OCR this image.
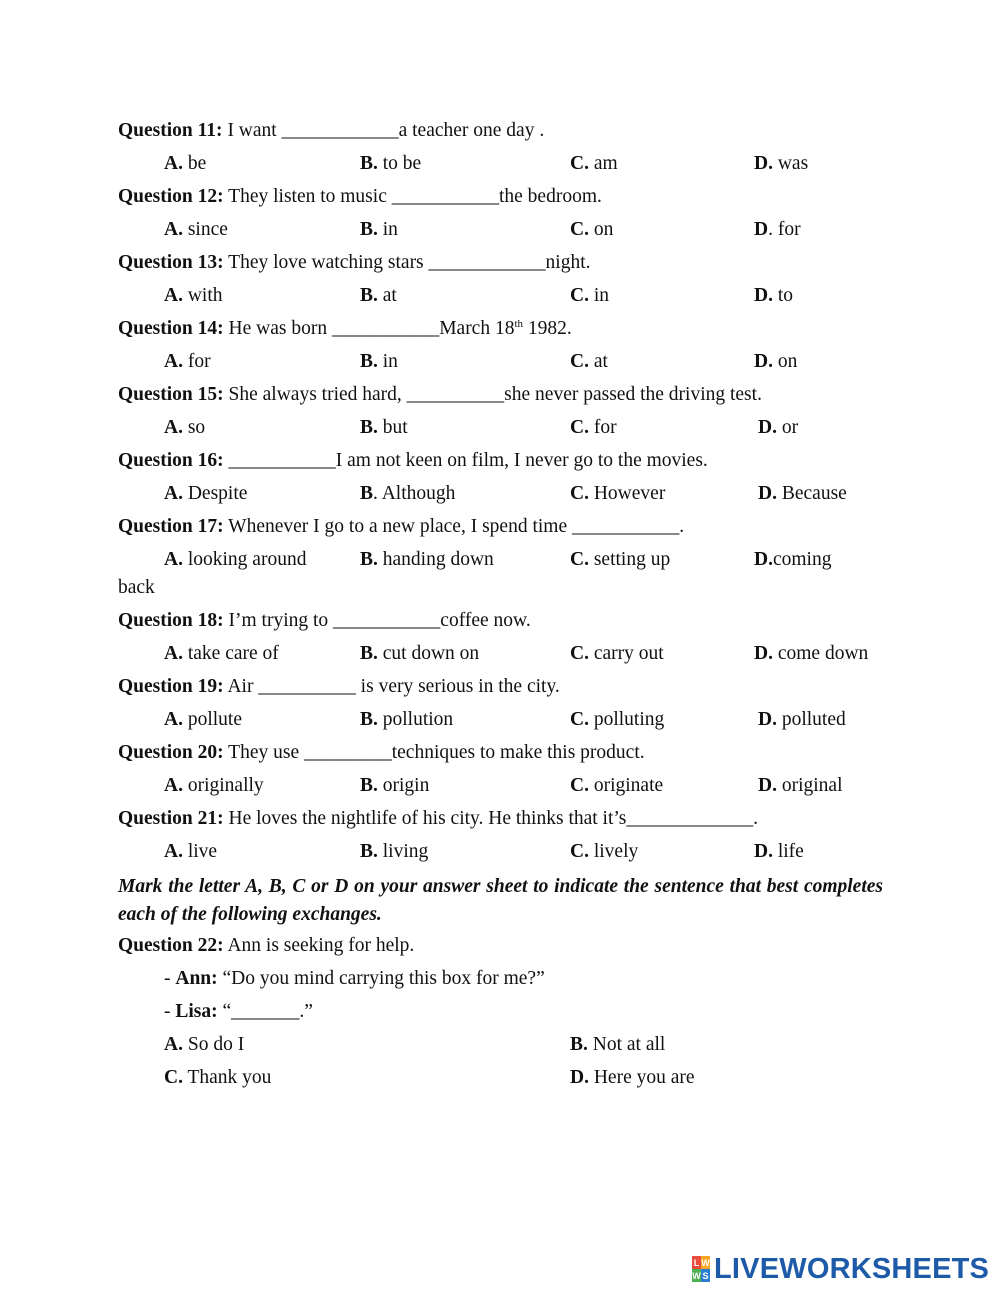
Question 11: I want ____________a teacher one day .
A. be	B. to be	C. am	D. was
Question 12: They listen to music ___________the bedroom.
A. since	B. in	C. on	D. for
Question 13: They love watching stars ____________night.
A. with	B. at	C. in	D. to
Question 14: He was born ___________March 18th 1982.
A. for	B. in	C. at	D. on
Question 15: She always tried hard, __________she never passed the driving test.
A. so	B. but	C. for	D. or
Question 16: ___________I am not keen on film, I never go to the movies.
A. Despite	B. Although	C. However	D. Because
Question 17: Whenever I go to a new place, I spend time ___________.
A. looking around	B. handing down	C. setting up	D.coming
back
Question 18: I’m trying to ___________coffee now.
A. take care of	B. cut down on	C. carry out	D. come down
Question 19: Air __________ is very serious in the city.
A. pollute	B. pollution	C. polluting	D. polluted
Question 20: They use _________techniques to make this product.
A. originally	B. origin	C. originate	D. original
Question 21: He loves the nightlife of his city. He thinks that it’s_____________.
A. live	B. living	C. lively	D. life
Mark the letter A, B, C or D on your answer sheet to indicate the sentence that best completes each of the following exchanges.
Question 22: Ann is seeking for help.
- Ann: “Do you mind carrying this box for me?”
- Lisa: “_______.”
A. So do I	B. Not at all
C. Thank you	D. Here you are
L W
W S LIVEWORKSHEETS
